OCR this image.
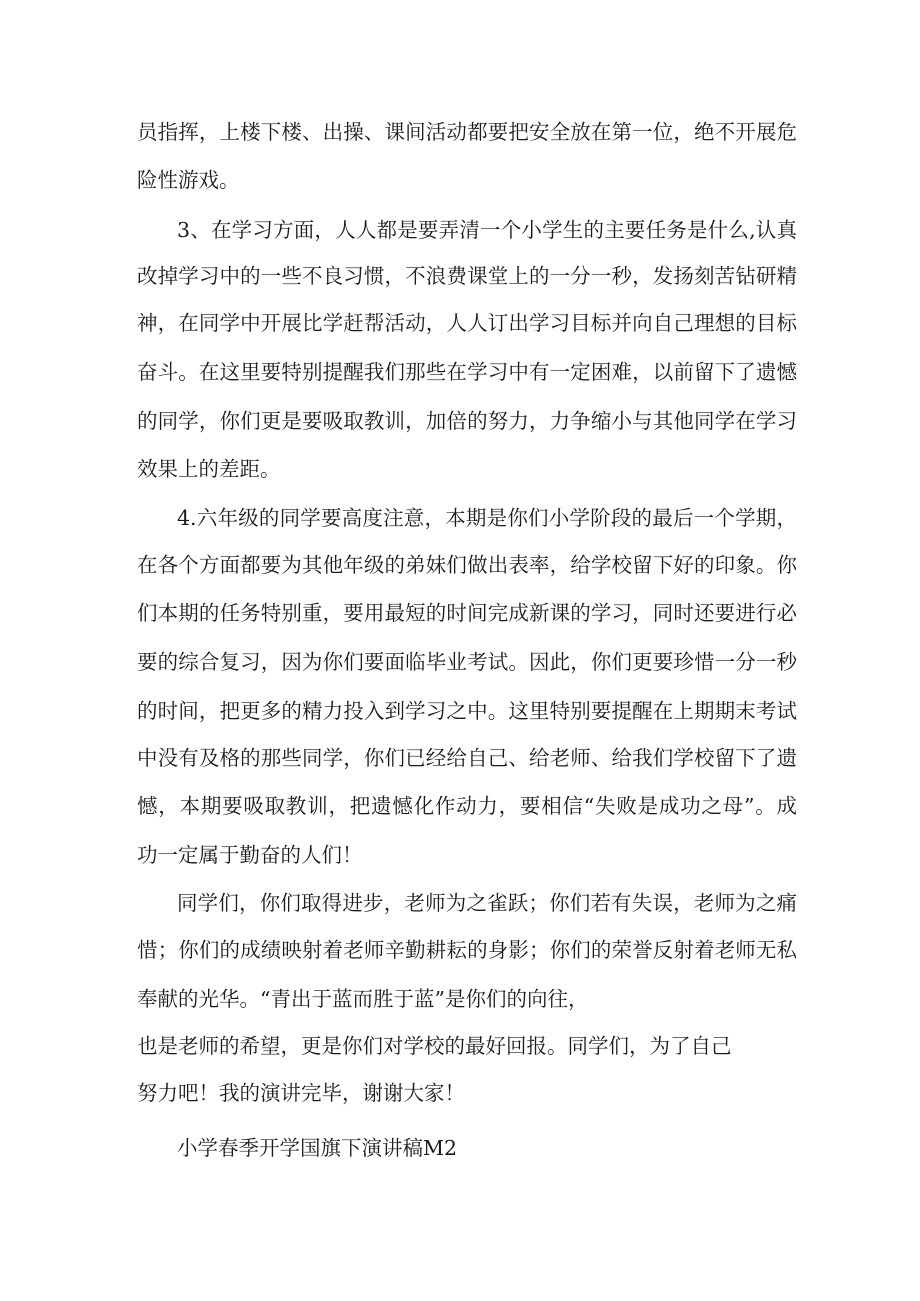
员指挥，上楼下楼、出操、课间活动都要把安全放在第一位，绝不开展危
险性游戏。
3、在学习方面，人人都是要弄清一个小学生的主要任务是什么,认真
改掉学习中的一些不良习惯，不浪费课堂上的一分一秒，发扬刻苦钻研精
神，在同学中开展比学赶帮活动，人人订出学习目标并向自己理想的目标
奋斗。在这里要特别提醒我们那些在学习中有一定困难，以前留下了遗憾
的同学，你们更是要吸取教训，加倍的努力，力争缩小与其他同学在学习
效果上的差距。
4.六年级的同学要高度注意，本期是你们小学阶段的最后一个学期，
在各个方面都要为其他年级的弟妹们做出表率，给学校留下好的印象。你
们本期的任务特别重，要用最短的时间完成新课的学习，同时还要进行必
要的综合复习，因为你们要面临毕业考试。因此，你们更要珍惜一分一秒
的时间，把更多的精力投入到学习之中。这里特别要提醒在上期期末考试
中没有及格的那些同学，你们已经给自己、给老师、给我们学校留下了遗
憾，本期要吸取教训，把遗憾化作动力，要相信“失败是成功之母”。成
功一定属于勤奋的人们！
同学们，你们取得进步，老师为之雀跃；你们若有失误，老师为之痛
惜；你们的成绩映射着老师辛勤耕耘的身影；你们的荣誉反射着老师无私
奉献的光华。“青出于蓝而胜于蓝”是你们的向往，
也是老师的希望，更是你们对学校的最好回报。同学们，为了自己
努力吧！我的演讲完毕，谢谢大家！
小学春季开学国旗下演讲稿M2
